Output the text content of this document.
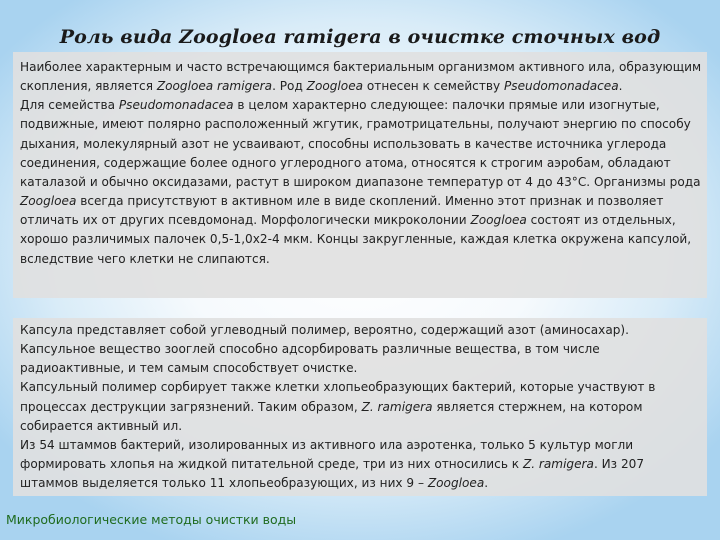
Роль вида Zoogloea ramigera в очистке сточных вод

Наиболее характерным и часто встречающимся бактериальным организмом активного ила, образующим скопления, является Zoogloea ramigera. Род Zoogloea отнесен к семейству Pseudomonadacea.

Для семейства Pseudomonadacea в целом характерно следующее: палочки прямые или изогнутые, подвижные, имеют полярно расположенный жгутик, грамотрицательны, получают энергию по способу дыхания, молекулярный азот не усваивают, способны использовать в качестве источника углерода соединения, содержащие более одного углеродного атома, относятся к строгим аэробам, обладают каталазой и обычно оксидазами, растут в широком диапазоне температур от 4 до 43°C. Организмы рода Zoogloea всегда присутствуют в активном иле в виде скоплений. Именно этот признак и позволяет отличать их от других псевдомонад. Морфологически микроколонии Zoogloea состоят из отдельных, хорошо различимых палочек 0,5-1,0х2-4 мкм. Концы закругленные, каждая клетка окружена капсулой, вследствие чего клетки не слипаются.

Капсула представляет собой углеводный полимер, вероятно, содержащий азот (аминосахар). Капсульное вещество зооглей способно адсорбировать различные вещества, в том числе радиоактивные, и тем самым способствует очистке.

Капсульный полимер сорбирует также клетки хлопьеобразующих бактерий, которые участвуют в процессах деструкции загрязнений. Таким образом, Z. ramigera является стержнем, на котором собирается активный ил.

Из 54 штаммов бактерий, изолированных из активного ила аэротенка, только 5 культур могли формировать хлопья на жидкой питательной среде, три из них относились к Z. ramigera. Из 207 штаммов выделяется только 11 хлопьеобразующих, из них 9 – Zoogloea.

Микробиологические методы очистки воды
